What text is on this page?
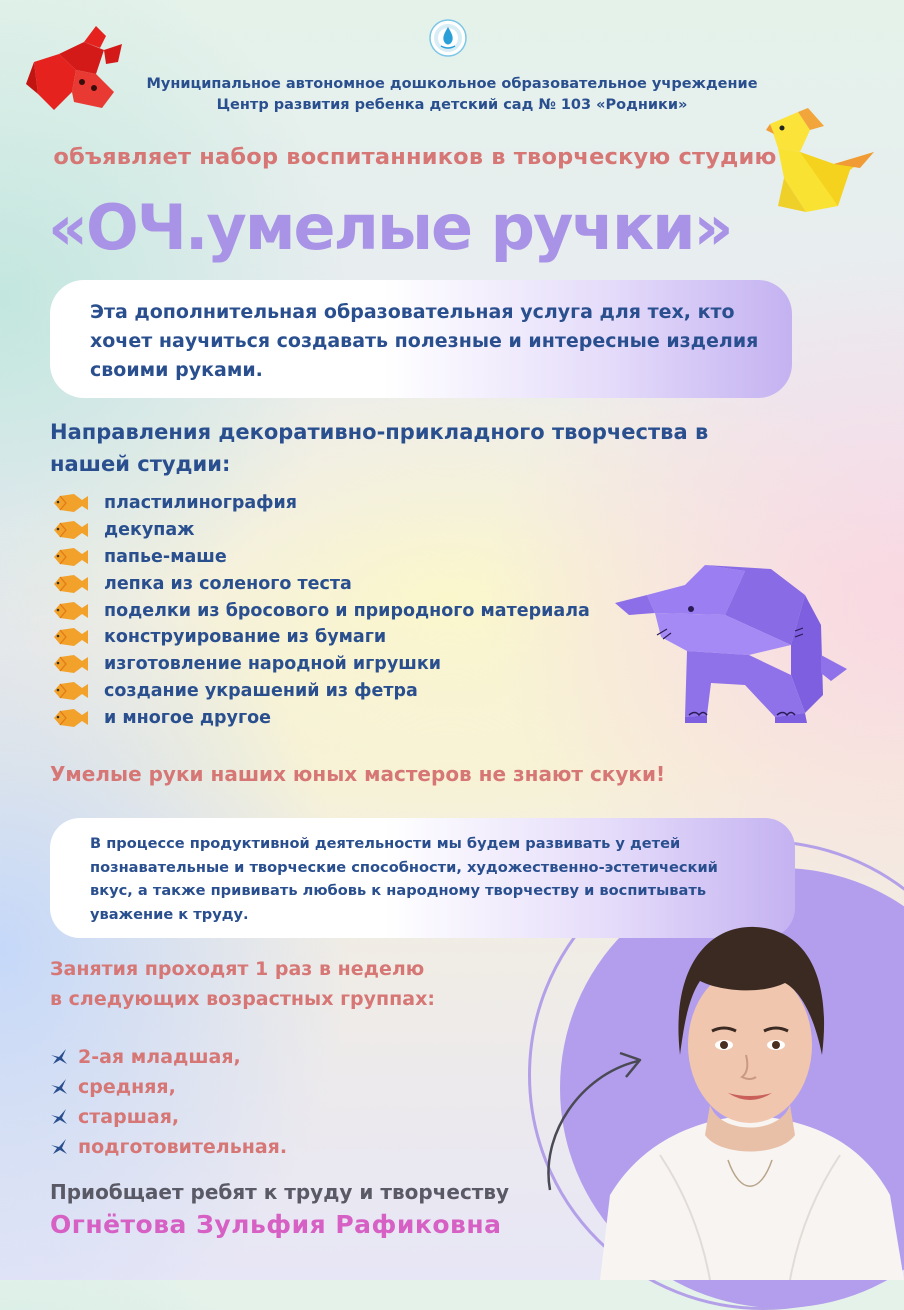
Муниципальное автономное дошкольное образовательное учреждение
Центр развития ребенка детский сад № 103 «Родники»
объявляет набор воспитанников в творческую студию
«ОЧ.умелые ручки»
Эта дополнительная образовательная услуга для тех, кто хочет научиться создавать полезные и интересные изделия своими руками.
Направления декоративно-прикладного творчества в нашей студии:
пластилинография
декупаж
папье-маше
лепка из соленого теста
поделки из бросового и природного материала
конструирование из бумаги
изготовление народной игрушки
создание украшений из фетра
и многое другое
Умелые руки наших юных мастеров не знают скуки!
В процессе продуктивной деятельности мы будем развивать у детей познавательные и творческие способности, художественно-эстетический вкус, а также прививать любовь к народному творчеству и воспитывать уважение к труду.
Занятия проходят 1 раз в неделю
в следующих возрастных группах:
2-ая младшая,
средняя,
старшая,
подготовительная.
Приобщает ребят к труду и творчеству
Огнётова Зульфия Рафиковна
